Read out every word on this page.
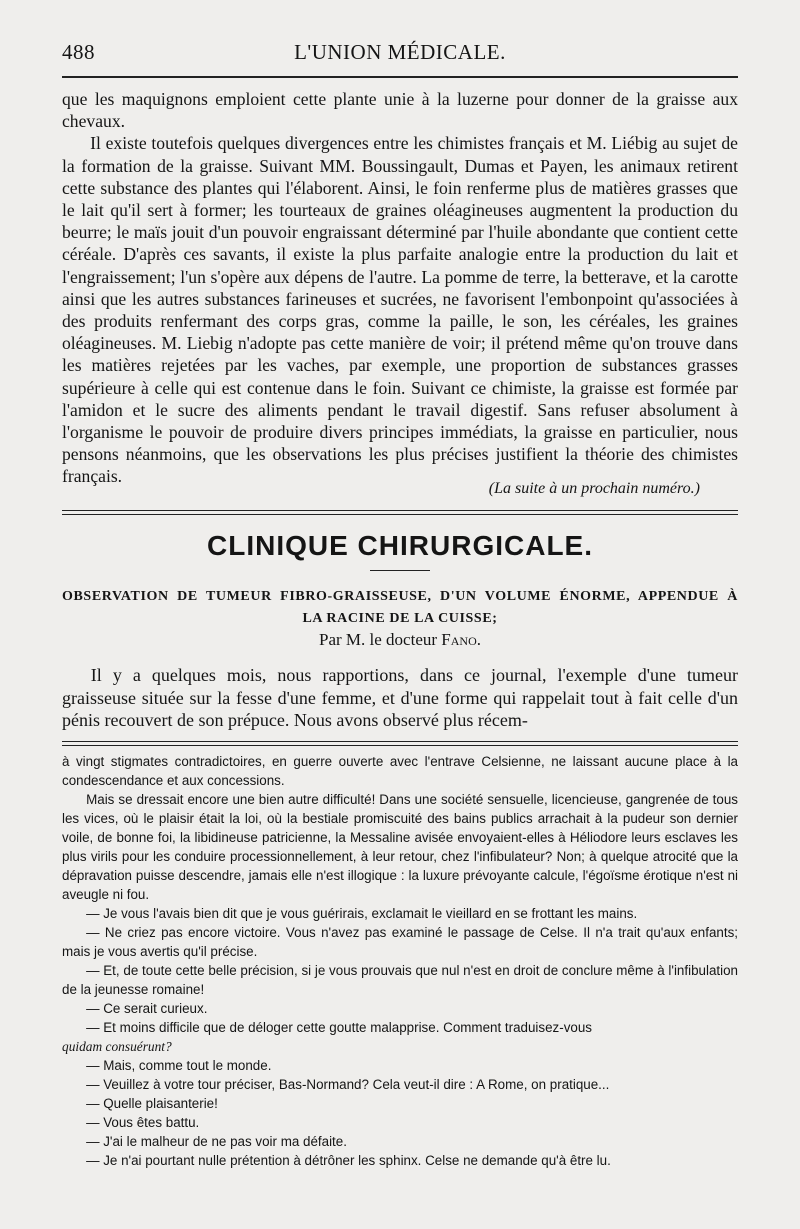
488	L'UNION MÉDICALE.

que les maquignons emploient cette plante unie à la luzerne pour donner de la graisse aux chevaux.

Il existe toutefois quelques divergences entre les chimistes français et M. Liébig au sujet de la formation de la graisse. Suivant MM. Boussingault, Dumas et Payen, les animaux retirent cette substance des plantes qui l'élaborent. Ainsi, le foin renferme plus de matières grasses que le lait qu'il sert à former; les tourteaux de graines oléagineuses augmentent la production du beurre; le maïs jouit d'un pouvoir engraissant déterminé par l'huile abondante que contient cette céréale. D'après ces savants, il existe la plus parfaite analogie entre la production du lait et l'engraissement; l'un s'opère aux dépens de l'autre. La pomme de terre, la betterave, et la carotte ainsi que les autres substances farineuses et sucrées, ne favorisent l'embonpoint qu'associées à des produits renfermant des corps gras, comme la paille, le son, les céréales, les graines oléagineuses. M. Liebig n'adopte pas cette manière de voir; il prétend même qu'on trouve dans les matières rejetées par les vaches, par exemple, une proportion de substances grasses supérieure à celle qui est contenue dans le foin. Suivant ce chimiste, la graisse est formée par l'amidon et le sucre des aliments pendant le travail digestif. Sans refuser absolument à l'organisme le pouvoir de produire divers principes immédiats, la graisse en particulier, nous pensons néanmoins, que les observations les plus précises justifient la théorie des chimistes français.

(La suite à un prochain numéro.)
CLINIQUE CHIRURGICALE.
OBSERVATION DE TUMEUR FIBRO-GRAISSEUSE, D'UN VOLUME ÉNORME, APPENDUE À
LA RACINE DE LA CUISSE;
Par M. le docteur Fano.

Il y a quelques mois, nous rapportions, dans ce journal, l'exemple d'une tumeur graisseuse située sur la fesse d'une femme, et d'une forme qui rappelait tout à fait celle d'un pénis recouvert de son prépuce. Nous avons observé plus récem-

à vingt stigmates contradictoires, en guerre ouverte avec l'entrave Celsienne, ne laissant aucune place à la condescendance et aux concessions.

Mais se dressait encore une bien autre difficulté! Dans une société sensuelle, licencieuse, gangrenée de tous les vices, où le plaisir était la loi, où la bestiale promiscuité des bains publics arrachait à la pudeur son dernier voile, de bonne foi, la libidineuse patricienne, la Messaline avisée envoyaient-elles à Héliodore leurs esclaves les plus virils pour les conduire processionnellement, à leur retour, chez l'infibulateur? Non; à quelque atrocité que la dépravation puisse descendre, jamais elle n'est illogique : la luxure prévoyante calcule, l'égoïsme érotique n'est ni aveugle ni fou.

— Je vous l'avais bien dit que je vous guérirais, exclamait le vieillard en se frottant les mains.

— Ne criez pas encore victoire. Vous n'avez pas examiné le passage de Celse. Il n'a trait qu'aux enfants; mais je vous avertis qu'il précise.

— Et, de toute cette belle précision, si je vous prouvais que nul n'est en droit de conclure même à l'infibulation de la jeunesse romaine!

— Ce serait curieux.

— Et moins difficile que de déloger cette goutte malapprise. Comment traduisez-vous

quidam consuérunt?

— Mais, comme tout le monde.

— Veuillez à votre tour préciser, Bas-Normand? Cela veut-il dire : A Rome, on pratique...

— Quelle plaisanterie!

— Vous êtes battu.

— J'ai le malheur de ne pas voir ma défaite.

— Je n'ai pourtant nulle prétention à détrôner les sphinx. Celse ne demande qu'à être lu.
